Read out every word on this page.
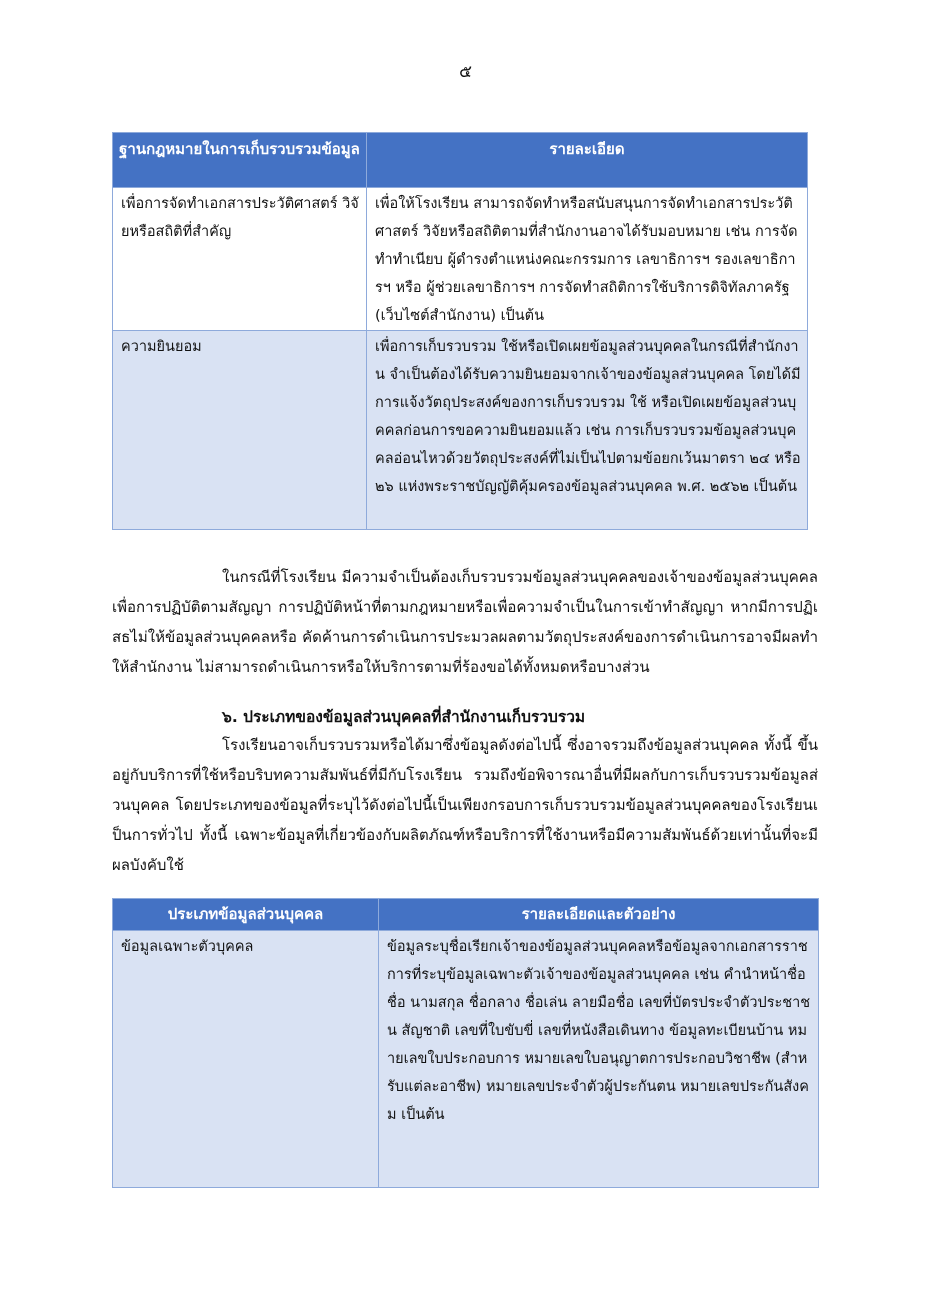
๕
ฐานกฎหมายในการเก็บรวบรวมข้อมูล	รายละเอียด
เพื่อการจัดทำเอกสารประวัติศาสตร์ วิจัยหรือสถิติที่สำคัญ	เพื่อให้โรงเรียน สามารถจัดทำหรือสนับสนุนการจัดทำเอกสารประวัติศาสตร์ วิจัยหรือสถิติตามที่สำนักงานอาจได้รับมอบหมาย เช่น การจัดทำทำเนียบ ผู้ดำรงตำแหน่งคณะกรรมการ เลขาธิการฯ รองเลขาธิการฯ หรือ ผู้ช่วยเลขาธิการฯ การจัดทำสถิติการใช้บริการดิจิทัลภาครัฐ (เว็บไซต์สำนักงาน) เป็นต้น
ความยินยอม	เพื่อการเก็บรวบรวม ใช้หรือเปิดเผยข้อมูลส่วนบุคคลในกรณีที่สำนักงาน จำเป็นต้องได้รับความยินยอมจากเจ้าของข้อมูลส่วนบุคคล โดยได้มีการแจ้งวัตถุประสงค์ของการเก็บรวบรวม ใช้ หรือเปิดเผยข้อมูลส่วนบุคคลก่อนการขอความยินยอมแล้ว เช่น การเก็บรวบรวมข้อมูลส่วนบุคคลอ่อนไหวด้วยวัตถุประสงค์ที่ไม่เป็นไปตามข้อยกเว้นมาตรา ๒๔ หรือ ๒๖ แห่งพระราชบัญญัติคุ้มครองข้อมูลส่วนบุคคล พ.ศ. ๒๕๖๒ เป็นต้น

ในกรณีที่โรงเรียน มีความจำเป็นต้องเก็บรวบรวมข้อมูลส่วนบุคคลของเจ้าของข้อมูลส่วนบุคคลเพื่อการปฏิบัติตามสัญญา การปฏิบัติหน้าที่ตามกฎหมายหรือเพื่อความจำเป็นในการเข้าทำสัญญา หากมีการปฏิเสธไม่ให้ข้อมูลส่วนบุคคลหรือ คัดค้านการดำเนินการประมวลผลตามวัตถุประสงค์ของการดำเนินการอาจมีผลทำให้สำนักงาน ไม่สามารถดำเนินการหรือให้บริการตามที่ร้องขอได้ทั้งหมดหรือบางส่วน

๖. ประเภทของข้อมูลส่วนบุคคลที่สำนักงานเก็บรวบรวม

โรงเรียนอาจเก็บรวบรวมหรือได้มาซึ่งข้อมูลดังต่อไปนี้ ซึ่งอาจรวมถึงข้อมูลส่วนบุคคล ทั้งนี้ ขึ้นอยู่กับบริการที่ใช้หรือบริบทความสัมพันธ์ที่มีกับโรงเรียน รวมถึงข้อพิจารณาอื่นที่มีผลกับการเก็บรวบรวมข้อมูลส่วนบุคคล โดยประเภทของข้อมูลที่ระบุไว้ดังต่อไปนี้เป็นเพียงกรอบการเก็บรวบรวมข้อมูลส่วนบุคคลของโรงเรียนเป็นการทั่วไป ทั้งนี้ เฉพาะข้อมูลที่เกี่ยวข้องกับผลิตภัณฑ์หรือบริการที่ใช้งานหรือมีความสัมพันธ์ด้วยเท่านั้นที่จะมีผลบังคับใช้

ประเภทข้อมูลส่วนบุคคล	รายละเอียดและตัวอย่าง
ข้อมูลเฉพาะตัวบุคคล	ข้อมูลระบุชื่อเรียกเจ้าของข้อมูลส่วนบุคคลหรือข้อมูลจากเอกสารราชการที่ระบุข้อมูลเฉพาะตัวเจ้าของข้อมูลส่วนบุคคล เช่น คำนำหน้าชื่อ ชื่อ นามสกุล ชื่อกลาง ชื่อเล่น ลายมือชื่อ เลขที่บัตรประจำตัวประชาชน สัญชาติ เลขที่ใบขับขี่ เลขที่หนังสือเดินทาง ข้อมูลทะเบียนบ้าน หมายเลขใบประกอบการ หมายเลขใบอนุญาตการประกอบวิชาชีพ (สำหรับแต่ละอาชีพ) หมายเลขประจำตัวผู้ประกันตน หมายเลขประกันสังคม เป็นต้น
